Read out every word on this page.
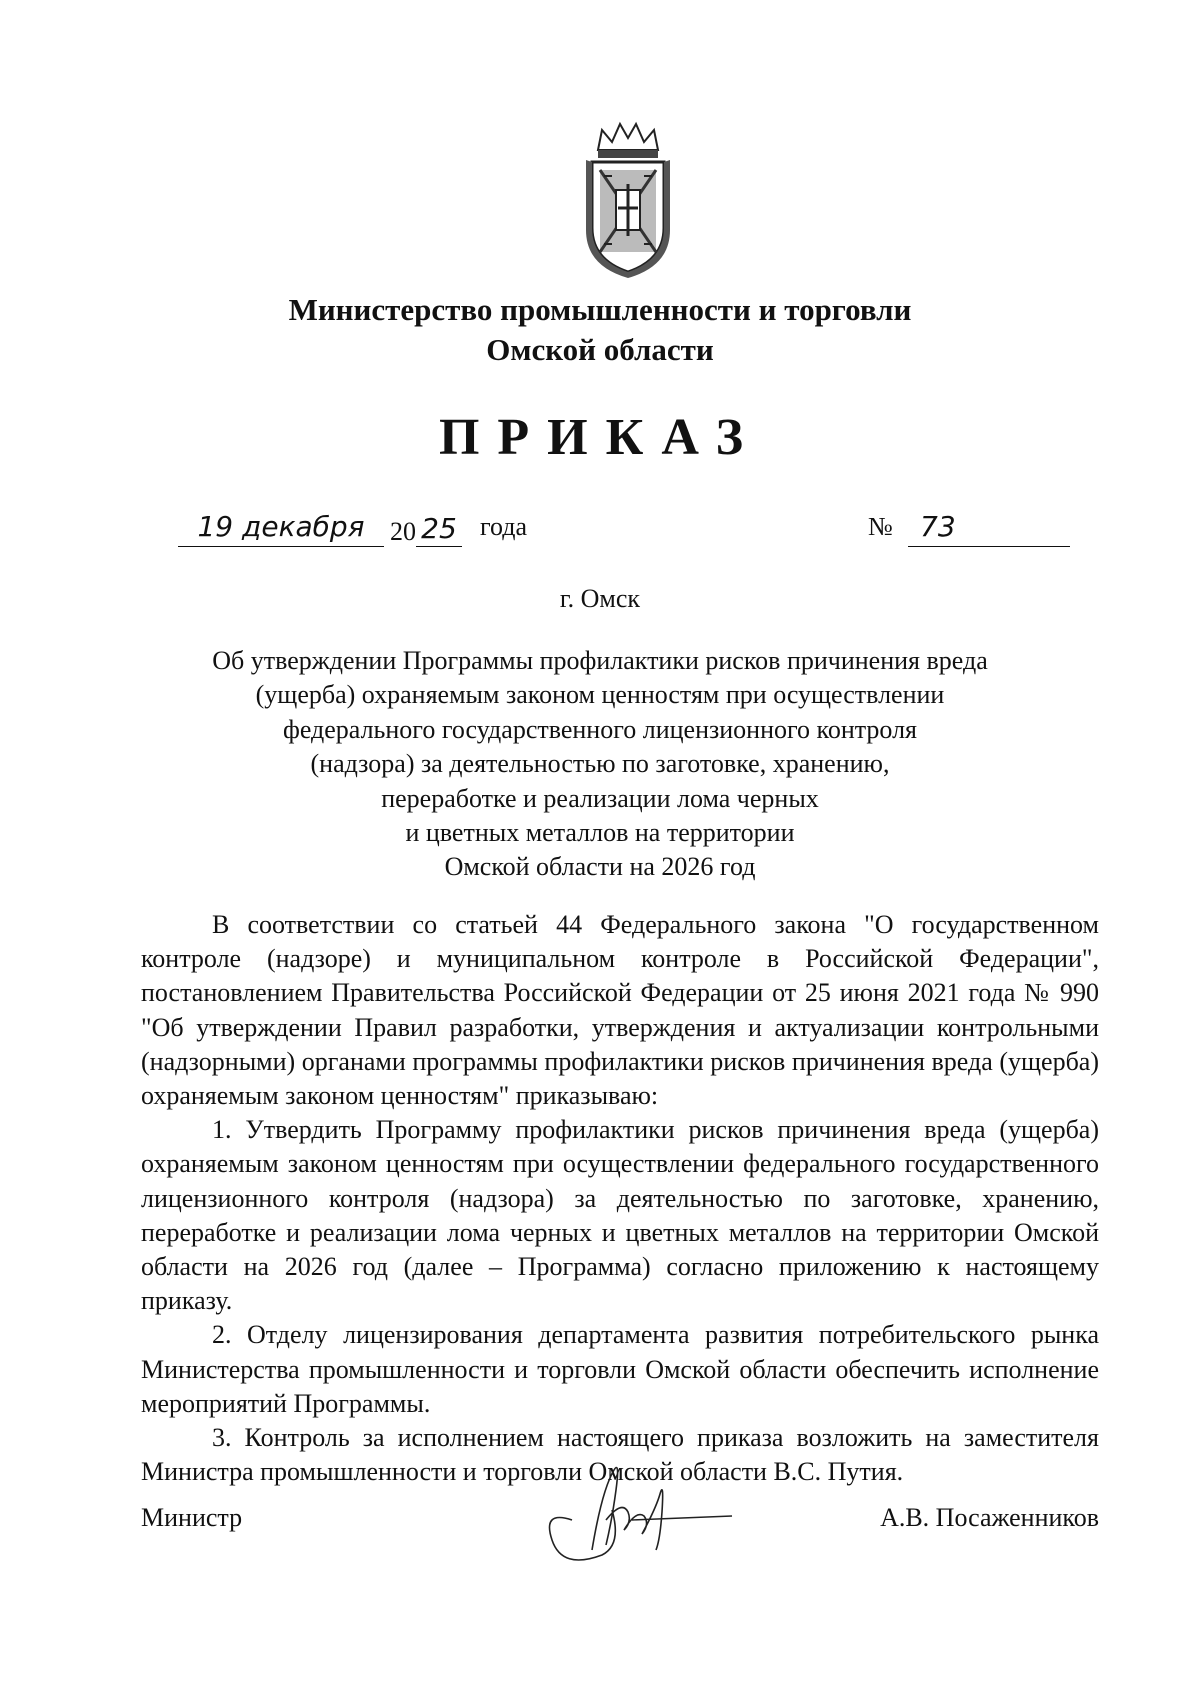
Министерство промышленности и торговли
Омской области
ПРИКАЗ
19 декабря 20 25 года	№ 73
г. Омск
Об утверждении Программы профилактики рисков причинения вреда
(ущерба) охраняемым законом ценностям при осуществлении
федерального государственного лицензионного контроля
(надзора) за деятельностью по заготовке, хранению,
переработке и реализации лома черных
и цветных металлов на территории
Омской области на 2026 год

В соответствии со статьей 44 Федерального закона "О государственном контроле (надзоре) и муниципальном контроле в Российской Федерации", постановлением Правительства Российской Федерации от 25 июня 2021 года № 990 "Об утверждении Правил разработки, утверждения и актуализации контрольными (надзорными) органами программы профилактики рисков причинения вреда (ущерба) охраняемым законом ценностям" приказываю:

1. Утвердить Программу профилактики рисков причинения вреда (ущерба) охраняемым законом ценностям при осуществлении федерального государственного лицензионного контроля (надзора) за деятельностью по заготовке, хранению, переработке и реализации лома черных и цветных металлов на территории Омской области на 2026 год (далее – Программа) согласно приложению к настоящему приказу.

2. Отделу лицензирования департамента развития потребительского рынка Министерства промышленности и торговли Омской области обеспечить исполнение мероприятий Программы.

3. Контроль за исполнением настоящего приказа возложить на заместителя Министра промышленности и торговли Омской области В.С. Путия.

Министр	А.В. Посаженников
